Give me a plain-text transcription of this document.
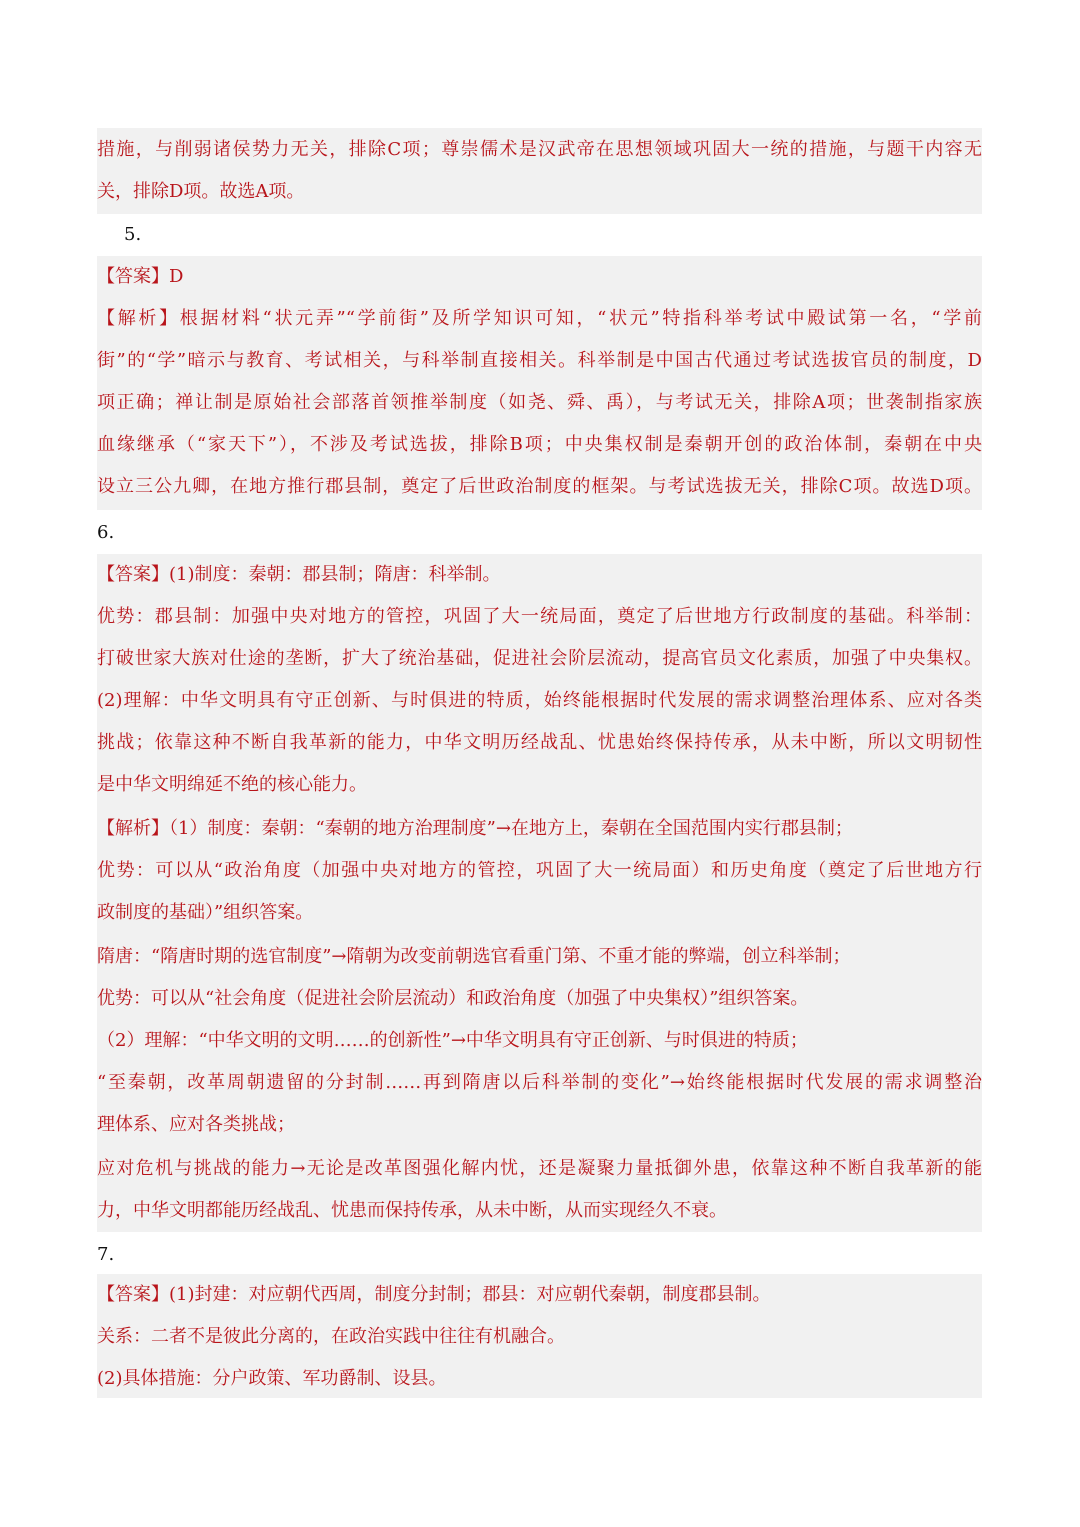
措施，与削弱诸侯势力无关，排除C项；尊崇儒术是汉武帝在思想领域巩固大一统的措施，与题干内容无
关，排除D项。故选A项。
5.
【答案】D
【解析】根据材料“状元弄”“学前街”及所学知识可知，“状元”特指科举考试中殿试第一名，“学前
街”的“学”暗示与教育、考试相关，与科举制直接相关。科举制是中国古代通过考试选拔官员的制度，D
项正确；禅让制是原始社会部落首领推举制度（如尧、舜、禹），与考试无关，排除A项；世袭制指家族
血缘继承（“家天下”），不涉及考试选拔，排除B项；中央集权制是秦朝开创的政治体制，秦朝在中央
设立三公九卿，在地方推行郡县制，奠定了后世政治制度的框架。与考试选拔无关，排除C项。故选D项。
6.
【答案】(1)制度：秦朝：郡县制；隋唐：科举制。
优势：郡县制：加强中央对地方的管控，巩固了大一统局面，奠定了后世地方行政制度的基础。科举制：
打破世家大族对仕途的垄断，扩大了统治基础，促进社会阶层流动，提高官员文化素质，加强了中央集权。
(2)理解：中华文明具有守正创新、与时俱进的特质，始终能根据时代发展的需求调整治理体系、应对各类
挑战；依靠这种不断自我革新的能力，中华文明历经战乱、忧患始终保持传承，从未中断，所以文明韧性
是中华文明绵延不绝的核心能力。
【解析】（1）制度：秦朝：“秦朝的地方治理制度”→在地方上，秦朝在全国范围内实行郡县制；
优势：可以从“政治角度（加强中央对地方的管控，巩固了大一统局面）和历史角度（奠定了后世地方行
政制度的基础）”组织答案。
隋唐：“隋唐时期的选官制度”→隋朝为改变前朝选官看重门第、不重才能的弊端，创立科举制；
优势：可以从“社会角度（促进社会阶层流动）和政治角度（加强了中央集权）”组织答案。
（2）理解：“中华文明的文明……的创新性”→中华文明具有守正创新、与时俱进的特质；
“至秦朝，改革周朝遗留的分封制……再到隋唐以后科举制的变化”→始终能根据时代发展的需求调整治
理体系、应对各类挑战；
应对危机与挑战的能力→无论是改革图强化解内忧，还是凝聚力量抵御外患，依靠这种不断自我革新的能
力，中华文明都能历经战乱、忧患而保持传承，从未中断，从而实现经久不衰。
7.
【答案】(1)封建：对应朝代西周，制度分封制；郡县：对应朝代秦朝，制度郡县制。
关系：二者不是彼此分离的，在政治实践中往往有机融合。
(2)具体措施：分户政策、军功爵制、设县。
